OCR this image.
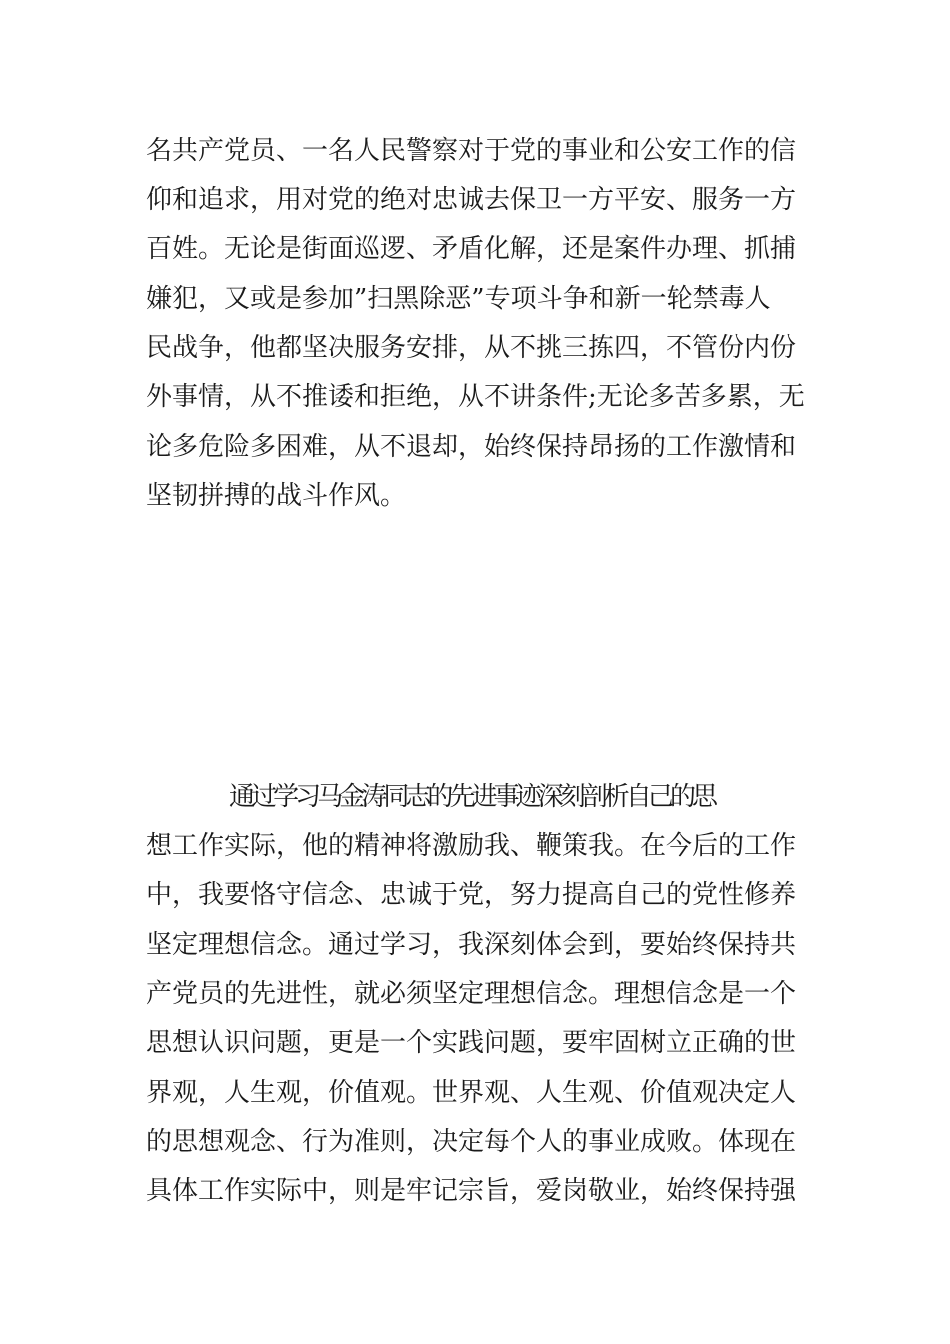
名共产党员、一名人民警察对于党的事业和公安工作的信
仰和追求，用对党的绝对忠诚去保卫一方平安、服务一方
百姓。无论是街面巡逻、矛盾化解，还是案件办理、抓捕
嫌犯，又或是参加”扫黑除恶”专项斗争和新一轮禁毒人
民战争，他都坚决服务安排，从不挑三拣四，不管份内份
外事情，从不推诿和拒绝，从不讲条件;无论多苦多累，无
论多危险多困难，从不退却，始终保持昂扬的工作激情和
坚韧拼搏的战斗作风。
通过学习马金涛同志的先进事迹深刻剖析自己的思
想工作实际，他的精神将激励我、鞭策我。在今后的工作
中，我要恪守信念、忠诚于党，努力提高自己的党性修养
坚定理想信念。通过学习，我深刻体会到，要始终保持共
产党员的先进性，就必须坚定理想信念。理想信念是一个
思想认识问题，更是一个实践问题，要牢固树立正确的世
界观，人生观，价值观。世界观、人生观、价值观决定人
的思想观念、行为准则，决定每个人的事业成败。体现在
具体工作实际中，则是牢记宗旨，爱岗敬业，始终保持强
